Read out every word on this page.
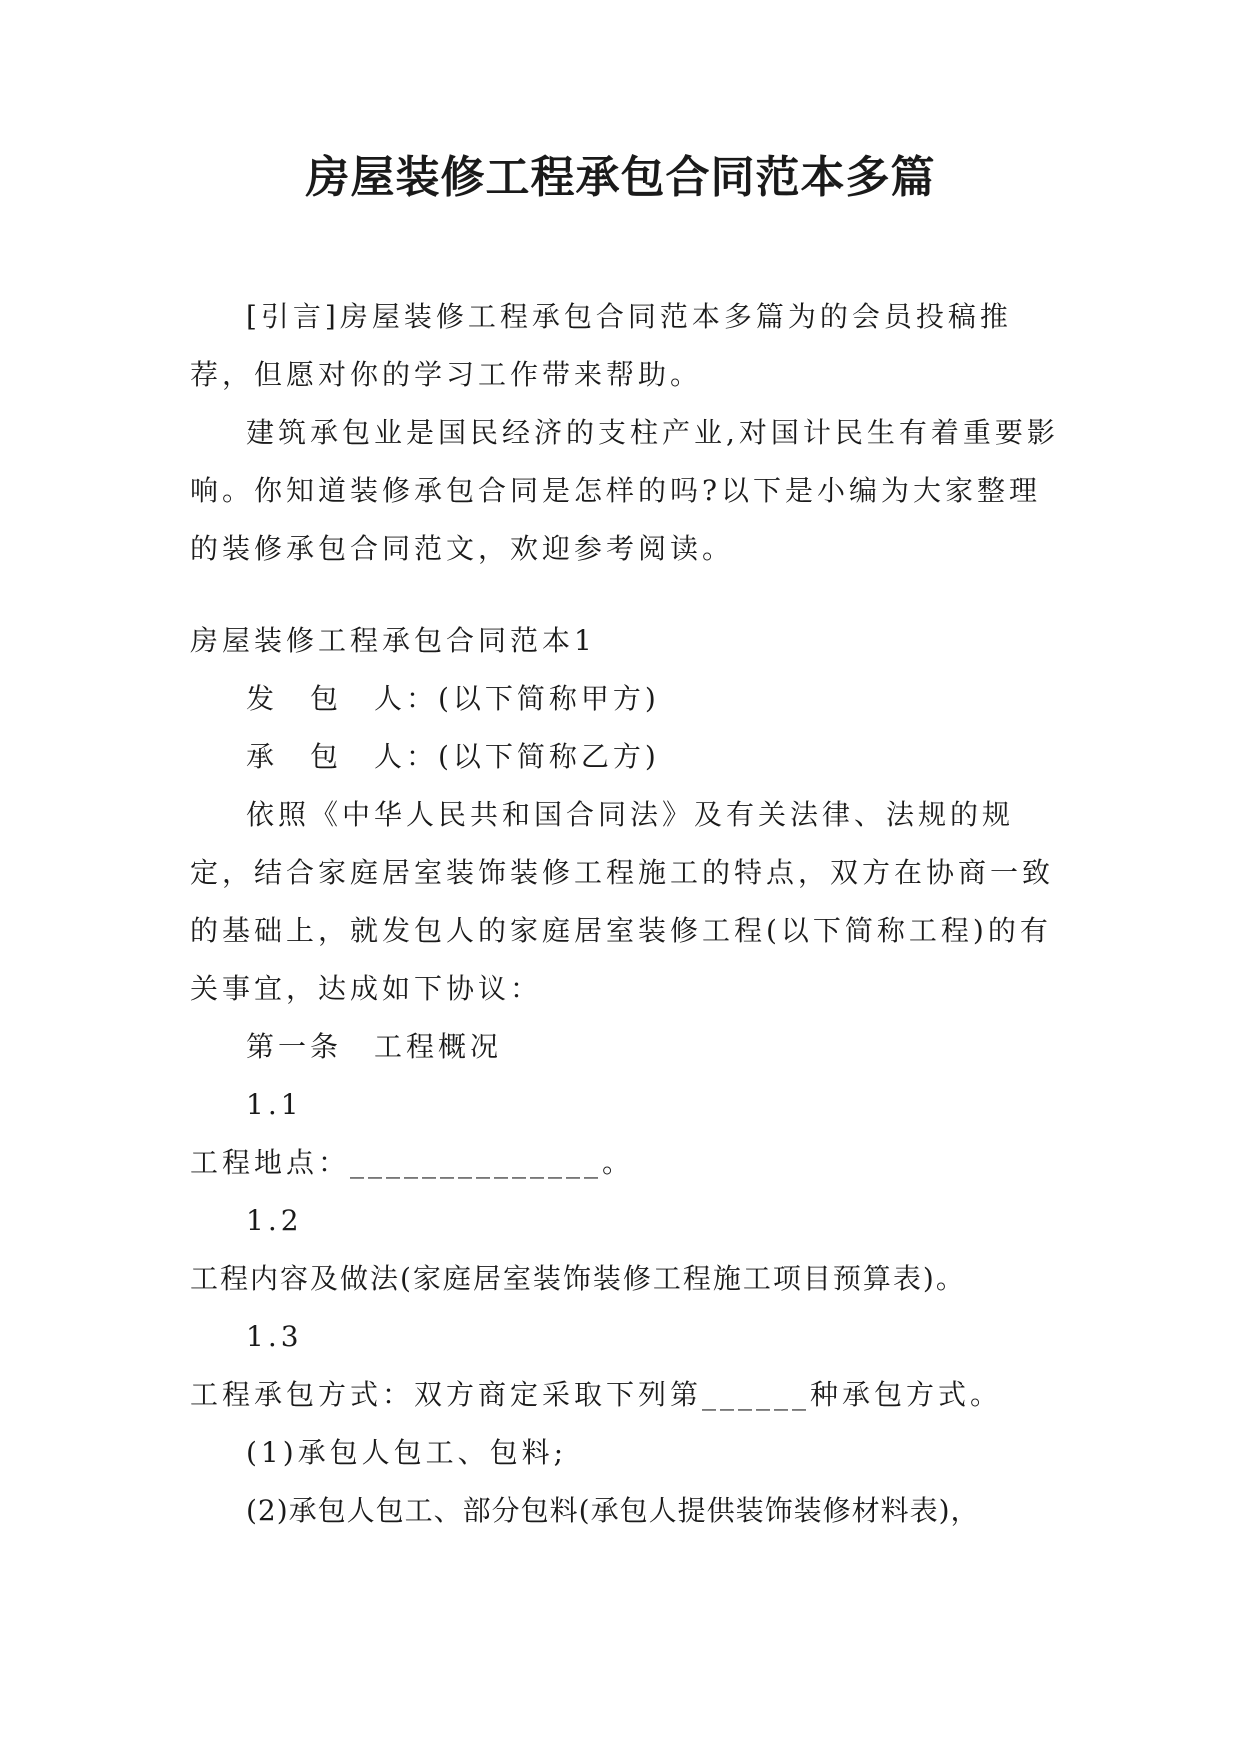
房屋装修工程承包合同范本多篇

[引言]房屋装修工程承包合同范本多篇为的会员投稿推荐，但愿对你的学习工作带来帮助。

建筑承包业是国民经济的支柱产业,对国计民生有着重要影响。你知道装修承包合同是怎样的吗?以下是小编为大家整理的装修承包合同范文，欢迎参考阅读。

房屋装修工程承包合同范本1

发　包　人：(以下简称甲方)

承　包　人：(以下简称乙方)

依照《中华人民共和国合同法》及有关法律、法规的规定，结合家庭居室装饰装修工程施工的特点，双方在协商一致的基础上，就发包人的家庭居室装修工程(以下简称工程)的有关事宜，达成如下协议：

第一条　工程概况

1.1

工程地点：______________。

1.2

工程内容及做法(家庭居室装饰装修工程施工项目预算表)。

1.3

工程承包方式：双方商定采取下列第______种承包方式。

(1)承包人包工、包料;

(2)承包人包工、部分包料(承包人提供装饰装修材料表)，
